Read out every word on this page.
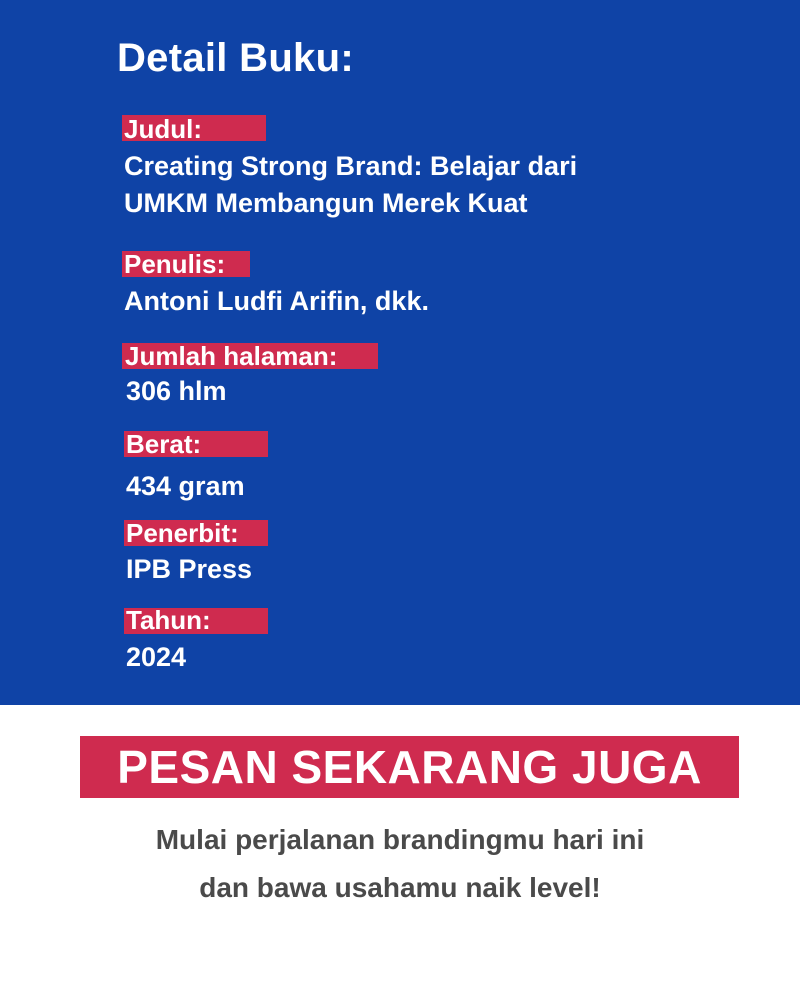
Detail Buku:
Judul:
Creating Strong Brand: Belajar dari
UMKM Membangun Merek Kuat
Penulis:
Antoni Ludfi Arifin, dkk.
Jumlah halaman:
306 hlm
Berat:
434 gram
Penerbit:
IPB Press
Tahun:
2024
PESAN SEKARANG JUGA
Mulai perjalanan brandingmu hari ini
dan bawa usahamu naik level!
